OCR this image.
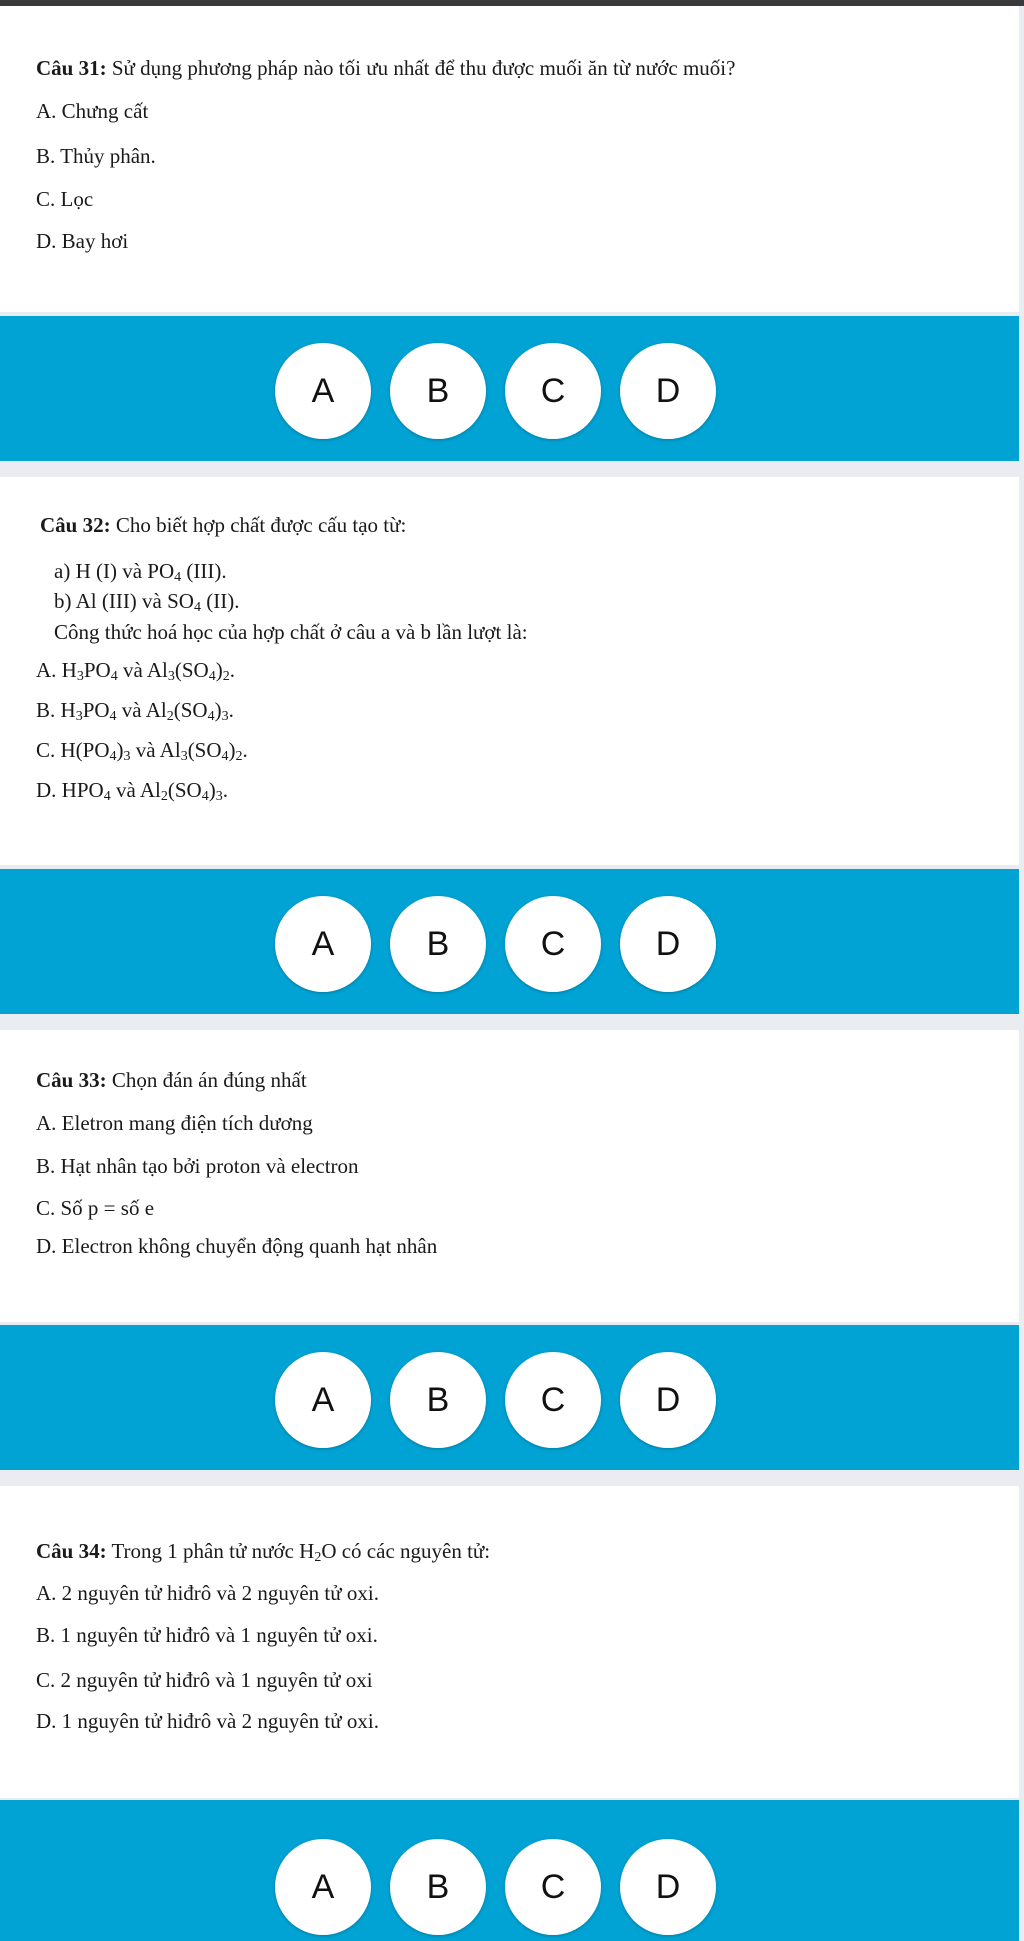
Câu 31: Sử dụng phương pháp nào tối ưu nhất để thu được muối ăn từ nước muối?
A. Chưng cất
B. Thủy phân.
C. Lọc
D. Bay hơi
A	B	C	D
Câu 32: Cho biết hợp chất được cấu tạo từ:
a) H (I) và $PO_4$ (III).
b) Al (III) và $SO_4$ (II).
Công thức hoá học của hợp chất ở câu a và b lần lượt là:
A. $H_3PO_4$ và $Al_3(SO_4)_2$.
B. $H_3PO_4$ và $Al_2(SO_4)_3$.
C. $H(PO_4)_3$ và $Al_3(SO_4)_2$.
D. $HPO_4$ và $Al_2(SO_4)_3$.
A	B	C	D
Câu 33: Chọn đán án đúng nhất
A. Eletron mang điện tích dương
B. Hạt nhân tạo bởi proton và electron
C. Số p = số e
D. Electron không chuyển động quanh hạt nhân
A	B	C	D
Câu 34: Trong 1 phân tử nước $H_2O$ có các nguyên tử:
A. 2 nguyên tử hiđrô và 2 nguyên tử oxi.
B. 1 nguyên tử hiđrô và 1 nguyên tử oxi.
C. 2 nguyên tử hiđrô và 1 nguyên tử oxi
D. 1 nguyên tử hiđrô và 2 nguyên tử oxi.
A	B	C	D
